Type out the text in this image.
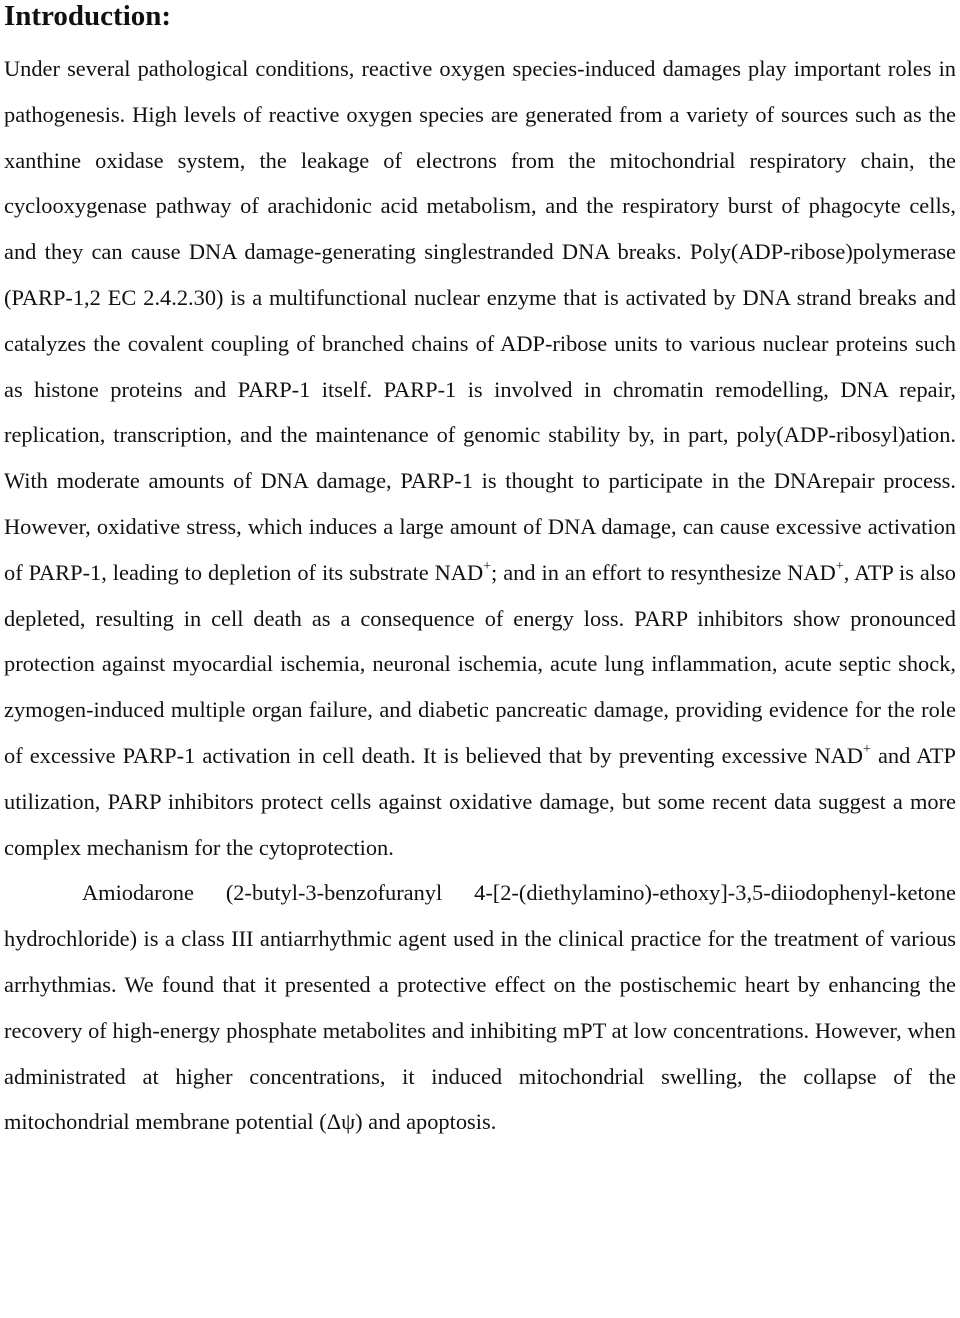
Introduction:

Under several pathological conditions, reactive oxygen species-induced damages play important roles in pathogenesis. High levels of reactive oxygen species are generated from a variety of sources such as the xanthine oxidase system, the leakage of electrons from the mitochondrial respiratory chain, the cyclooxygenase pathway of arachidonic acid metabolism, and the respiratory burst of phagocyte cells, and they can cause DNA damage-generating singlestranded DNA breaks. Poly(ADP-ribose)polymerase (PARP-1,2 EC 2.4.2.30) is a multifunctional nuclear enzyme that is activated by DNA strand breaks and catalyzes the covalent coupling of branched chains of ADP-ribose units to various nuclear proteins such as histone proteins and PARP-1 itself. PARP-1 is involved in chromatin remodelling, DNA repair, replication, transcription, and the maintenance of genomic stability by, in part, poly(ADP-ribosyl)ation. With moderate amounts of DNA damage, PARP-1 is thought to participate in the DNArepair process. However, oxidative stress, which induces a large amount of DNA damage, can cause excessive activation of PARP-1, leading to depletion of its substrate NAD+; and in an effort to resynthesize NAD+, ATP is also depleted, resulting in cell death as a consequence of energy loss. PARP inhibitors show pronounced protection against myocardial ischemia, neuronal ischemia, acute lung inflammation, acute septic shock, zymogen-induced multiple organ failure, and diabetic pancreatic damage, providing evidence for the role of excessive PARP-1 activation in cell death. It is believed that by preventing excessive NAD+ and ATP utilization, PARP inhibitors protect cells against oxidative damage, but some recent data suggest a more complex mechanism for the cytoprotection.

Amiodarone (2-butyl-3-benzofuranyl 4-[2-(diethylamino)-ethoxy]-3,5-diiodophenyl-ketone hydrochloride) is a class III antiarrhythmic agent used in the clinical practice for the treatment of various arrhythmias. We found that it presented a protective effect on the postischemic heart by enhancing the recovery of high-energy phosphate metabolites and inhibiting mPT at low concentrations. However, when administrated at higher concentrations, it induced mitochondrial swelling, the collapse of the mitochondrial membrane potential (Δψ) and apoptosis.
